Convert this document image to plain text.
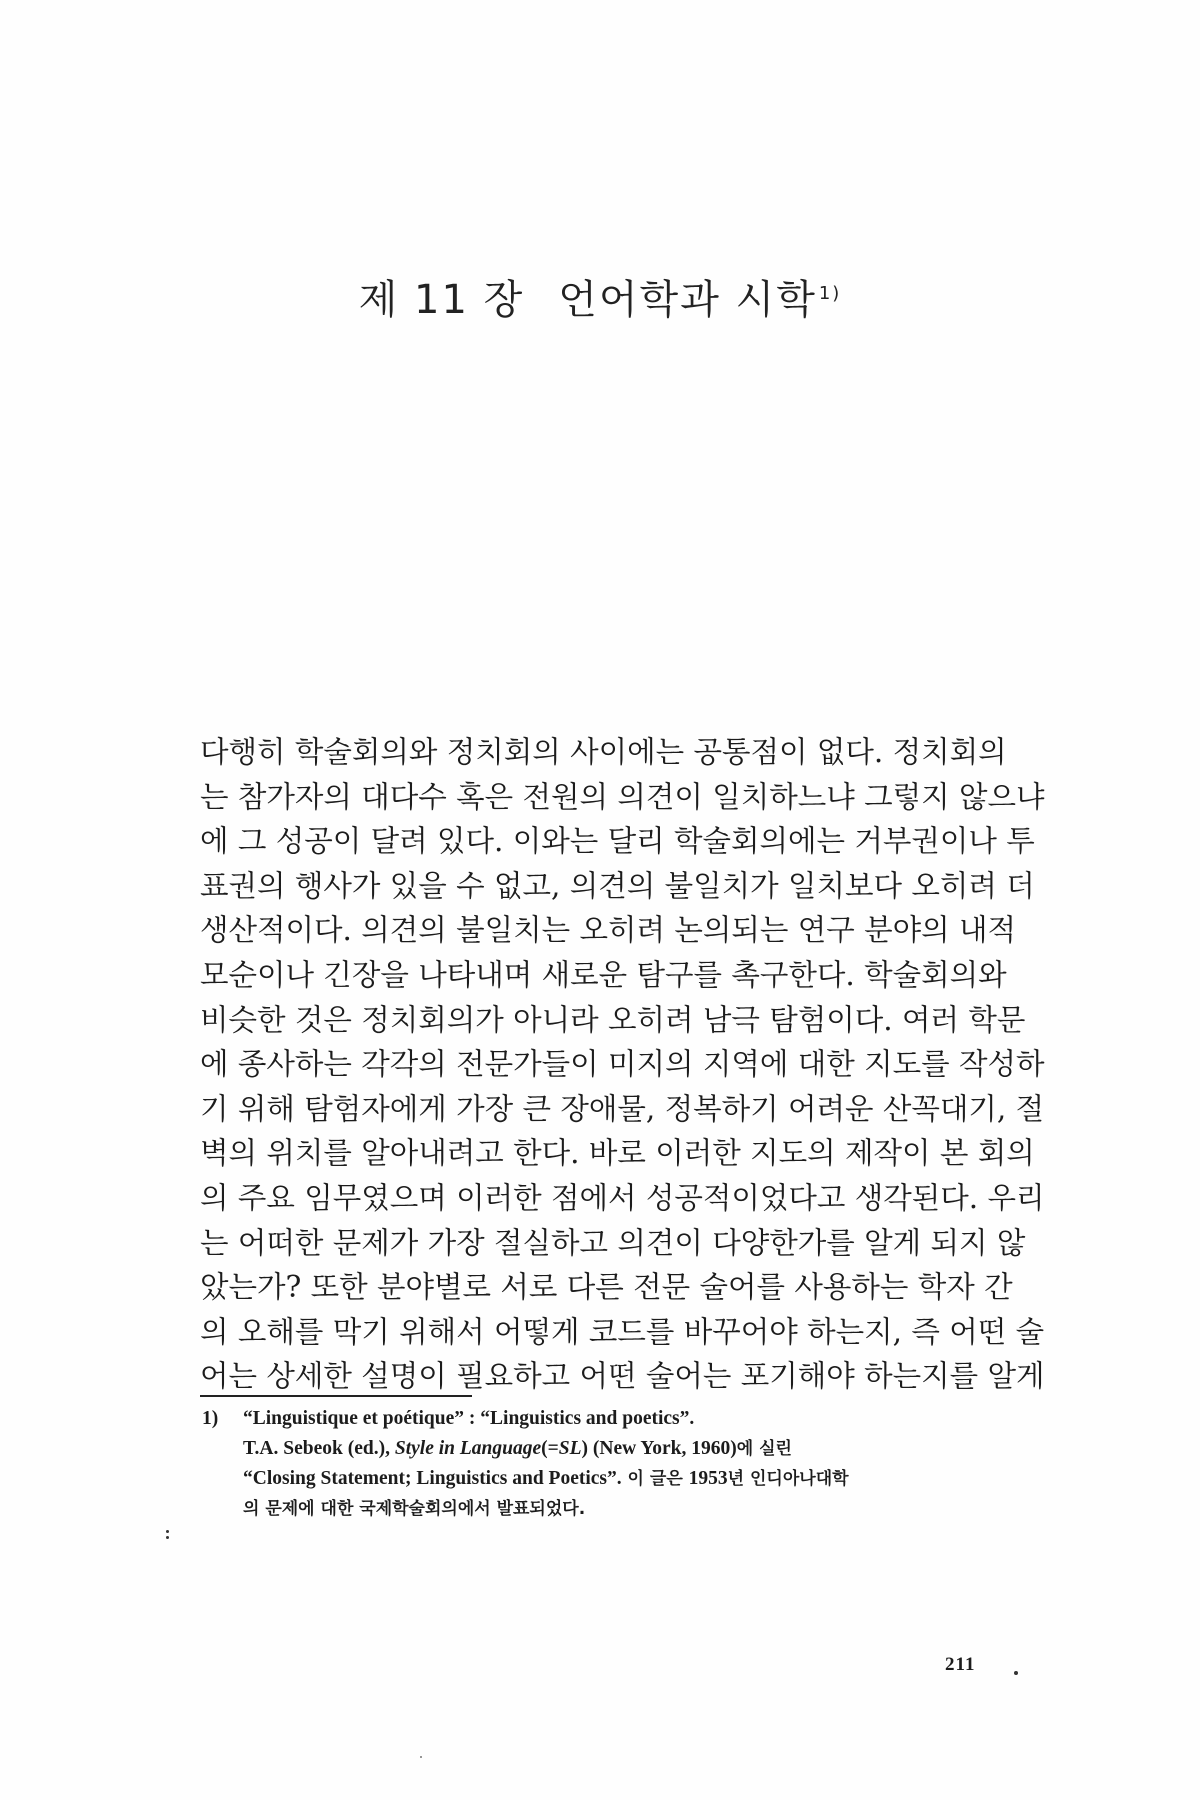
제 11 장 언어학과 시학 $^{1)}$
다행히 학술회의와 정치회의 사이에는 공통점이 없다. 정치회의
는 참가자의 대다수 혹은 전원의 의견이 일치하느냐 그렇지 않으냐
에 그 성공이 달려 있다. 이와는 달리 학술회의에는 거부권이나 투
표권의 행사가 있을 수 없고, 의견의 불일치가 일치보다 오히려 더
생산적이다. 의견의 불일치는 오히려 논의되는 연구 분야의 내적
모순이나 긴장을 나타내며 새로운 탐구를 촉구한다. 학술회의와
비슷한 것은 정치회의가 아니라 오히려 남극 탐험이다. 여러 학문
에 종사하는 각각의 전문가들이 미지의 지역에 대한 지도를 작성하
기 위해 탐험자에게 가장 큰 장애물, 정복하기 어려운 산꼭대기, 절
벽의 위치를 알아내려고 한다. 바로 이러한 지도의 제작이 본 회의
의 주요 임무였으며 이러한 점에서 성공적이었다고 생각된다. 우리
는 어떠한 문제가 가장 절실하고 의견이 다양한가를 알게 되지 않
았는가? 또한 분야별로 서로 다른 전문 술어를 사용하는 학자 간
의 오해를 막기 위해서 어떻게 코드를 바꾸어야 하는지, 즉 어떤 술
어는 상세한 설명이 필요하고 어떤 술어는 포기해야 하는지를 알게
1) “Linguistique et poétique” : “Linguistics and poetics”.
T.A. Sebeok (ed.), Style in Language(=SL) (New York, 1960)에 실린
“Closing Statement; Linguistics and Poetics”. 이 글은 1953년 인디아나대학
의 문제에 대한 국제학술회의에서 발표되었다.
211
